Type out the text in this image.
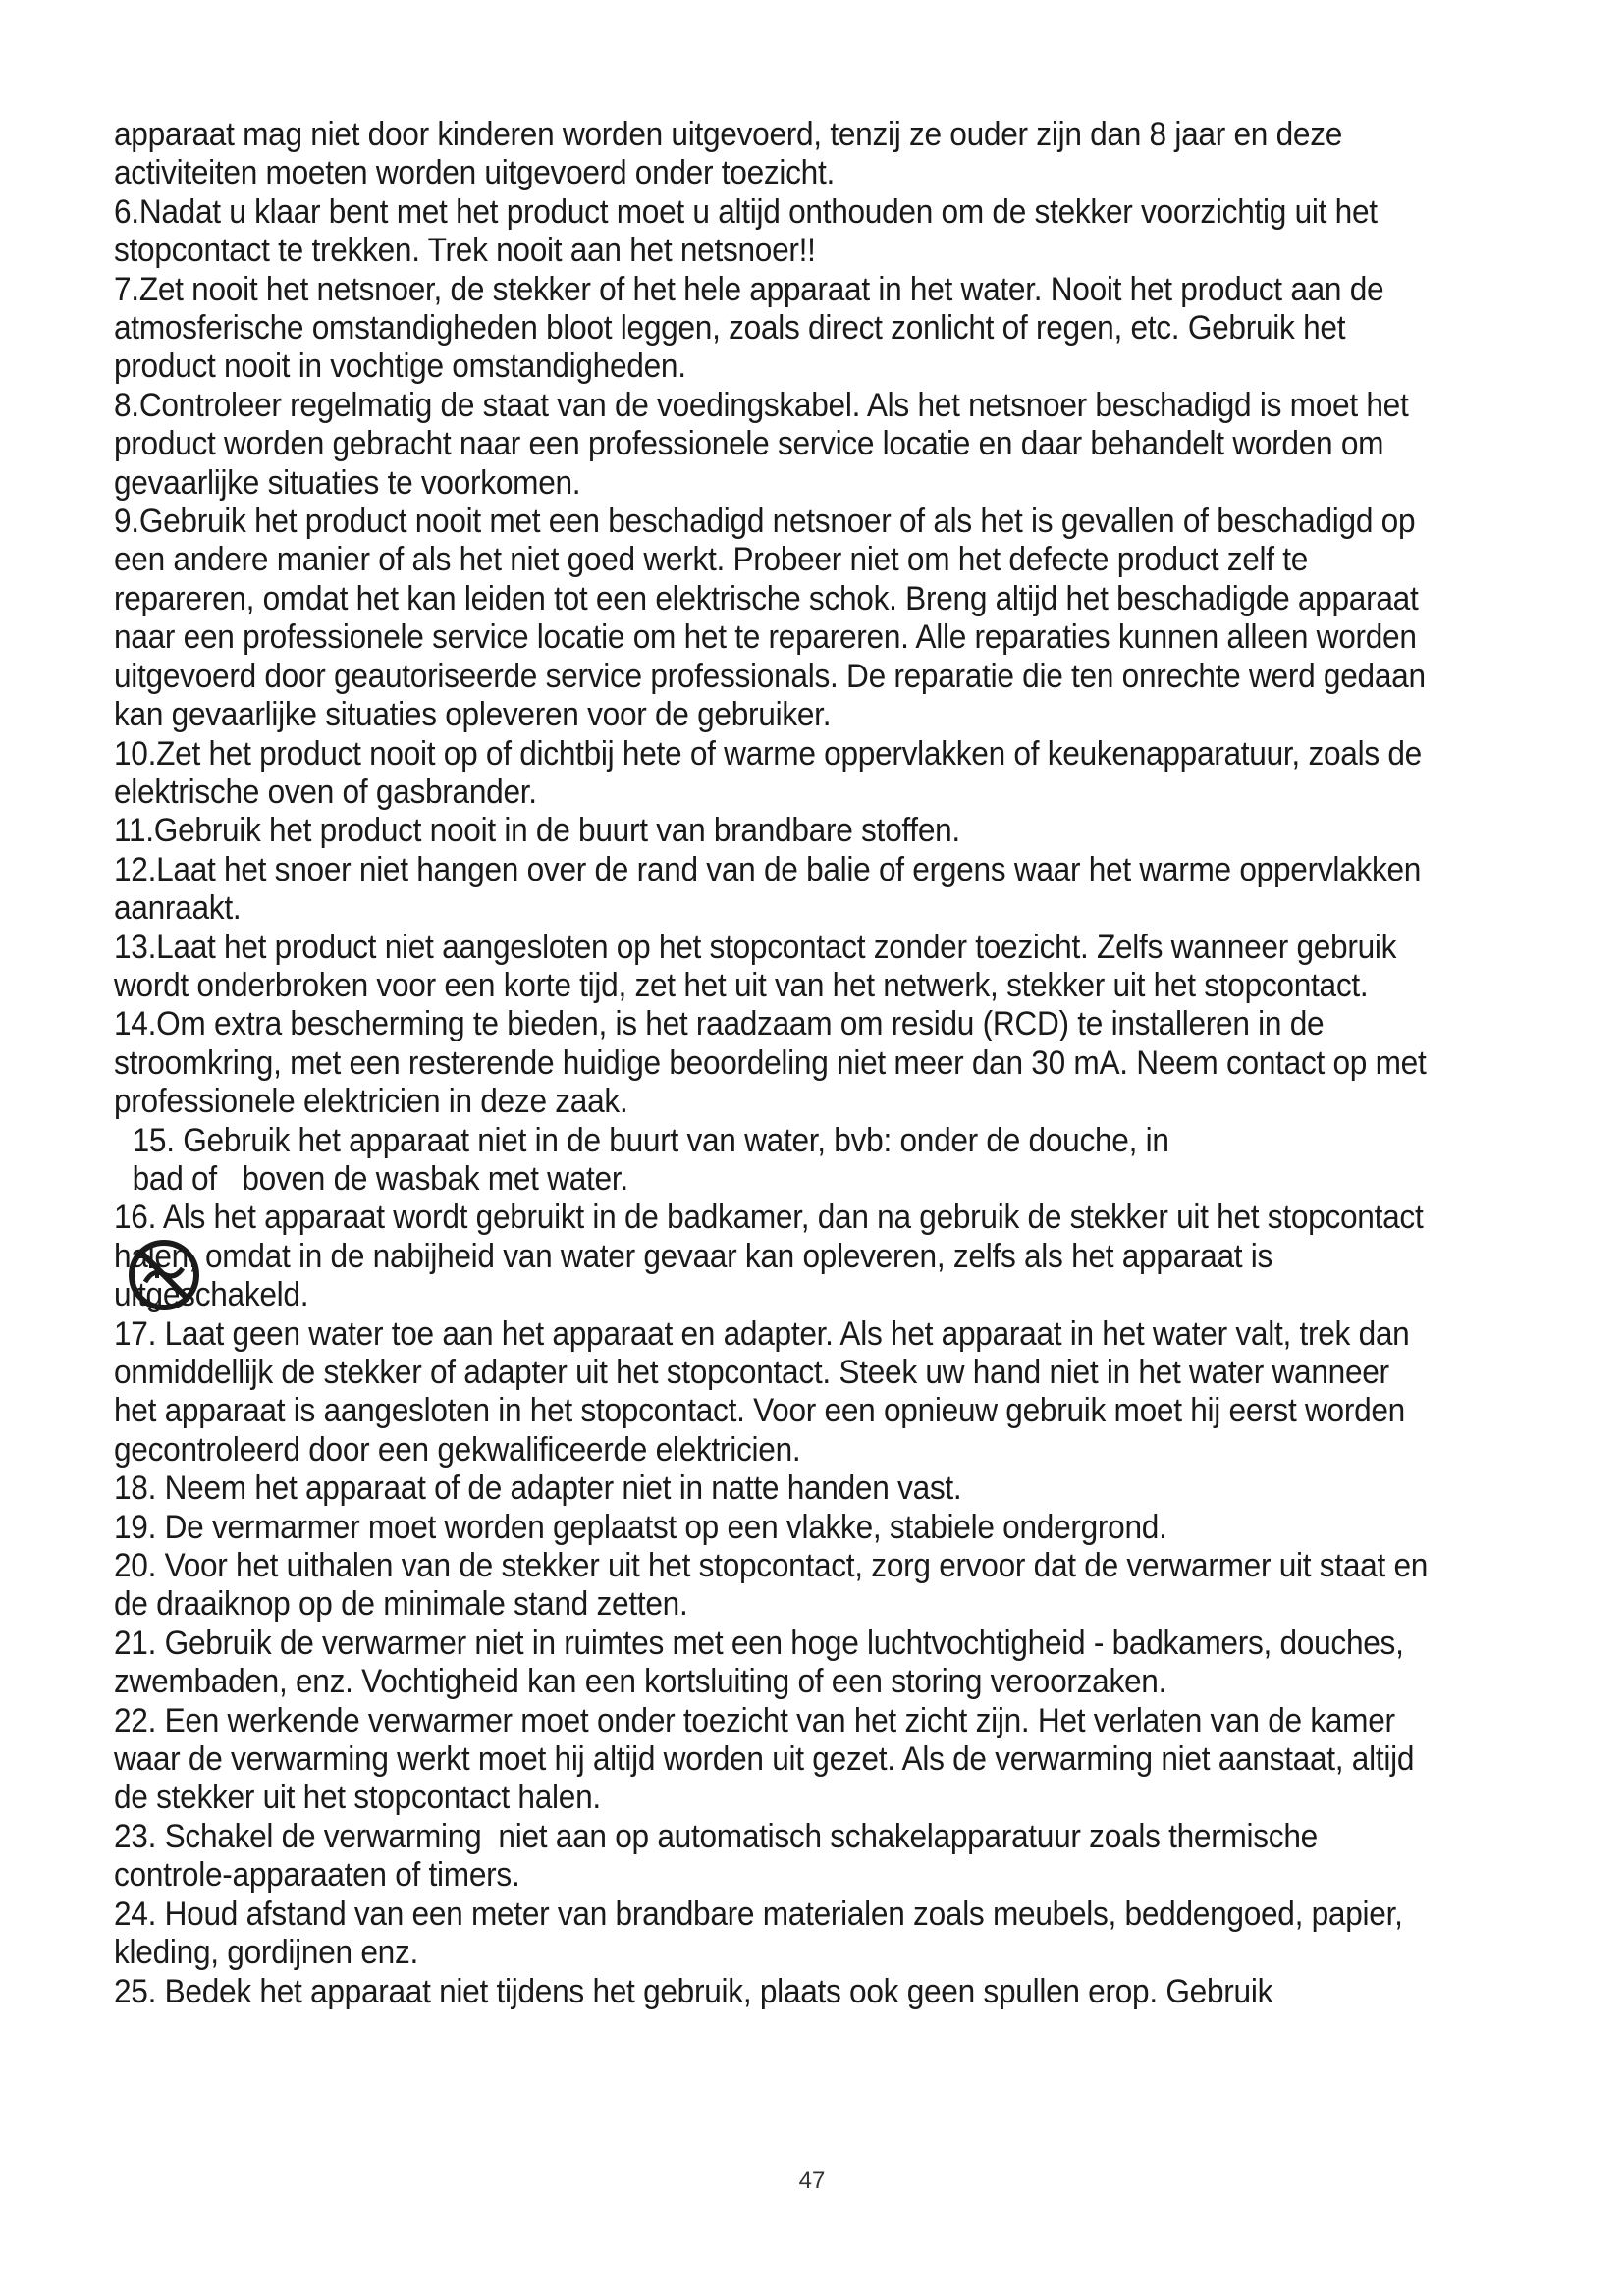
apparaat mag niet door kinderen worden uitgevoerd, tenzij ze ouder zijn dan 8 jaar en deze activiteiten moeten worden uitgevoerd onder toezicht.

6.Nadat u klaar bent met het product moet u altijd onthouden om de stekker voorzichtig uit het stopcontact te trekken. Trek nooit aan het netsnoer!!

7.Zet nooit het netsnoer, de stekker of het hele apparaat in het water. Nooit het product aan de atmosferische omstandigheden bloot leggen, zoals direct zonlicht of regen, etc. Gebruik het product nooit in vochtige omstandigheden.

8.Controleer regelmatig de staat van de voedingskabel. Als het netsnoer beschadigd is moet het product worden gebracht naar een professionele service locatie en daar behandelt worden om gevaarlijke situaties te voorkomen.

9.Gebruik het product nooit met een beschadigd netsnoer of als het is gevallen of beschadigd op een andere manier of als het niet goed werkt. Probeer niet om het defecte product zelf te repareren, omdat het kan leiden tot een elektrische schok. Breng altijd het beschadigde apparaat naar een professionele service locatie om het te repareren. Alle reparaties kunnen alleen worden uitgevoerd door geautoriseerde service professionals. De reparatie die ten onrechte werd gedaan kan gevaarlijke situaties opleveren voor de gebruiker.

10.Zet het product nooit op of dichtbij hete of warme oppervlakken of keukenapparatuur, zoals de elektrische oven of gasbrander.

11.Gebruik het product nooit in de buurt van brandbare stoffen.

12.Laat het snoer niet hangen over de rand van de balie of ergens waar het warme oppervlakken aanraakt.

13.Laat het product niet aangesloten op het stopcontact zonder toezicht. Zelfs wanneer gebruik wordt onderbroken voor een korte tijd, zet het uit van het netwerk, stekker uit het stopcontact.

14.Om extra bescherming te bieden, is het raadzaam om residu (RCD) te installeren in de stroomkring, met een resterende huidige beoordeling niet meer dan 30 mA. Neem contact op met professionele elektricien in deze zaak.

15. Gebruik het apparaat niet in de buurt van water, bvb: onder de douche, in

bad of   boven de wasbak met water.

16. Als het apparaat wordt gebruikt in de badkamer, dan na gebruik de stekker uit het stopcontact halen, omdat in de nabijheid van water gevaar kan opleveren, zelfs als het apparaat is uitgeschakeld.

17. Laat geen water toe aan het apparaat en adapter. Als het apparaat in het water valt, trek dan onmiddellijk de stekker of adapter uit het stopcontact. Steek uw hand niet in het water wanneer het apparaat is aangesloten in het stopcontact. Voor een opnieuw gebruik moet hij eerst worden gecontroleerd door een gekwalificeerde elektricien.

18. Neem het apparaat of de adapter niet in natte handen vast.

19. De vermarmer moet worden geplaatst op een vlakke, stabiele ondergrond.

20. Voor het uithalen van de stekker uit het stopcontact, zorg ervoor dat de verwarmer uit staat en de draaiknop op de minimale stand zetten.

21. Gebruik de verwarmer niet in ruimtes met een hoge luchtvochtigheid - badkamers, douches, zwembaden, enz. Vochtigheid kan een kortsluiting of een storing veroorzaken.

22. Een werkende verwarmer moet onder toezicht van het zicht zijn. Het verlaten van de kamer waar de verwarming werkt moet hij altijd worden uit gezet. Als de verwarming niet aanstaat, altijd de stekker uit het stopcontact halen.

23. Schakel de verwarming  niet aan op automatisch schakelapparatuur zoals thermische controle-apparaaten of timers.

24. Houd afstand van een meter van brandbare materialen zoals meubels, beddengoed, papier, kleding, gordijnen enz.

25. Bedek het apparaat niet tijdens het gebruik, plaats ook geen spullen erop. Gebruik

47
